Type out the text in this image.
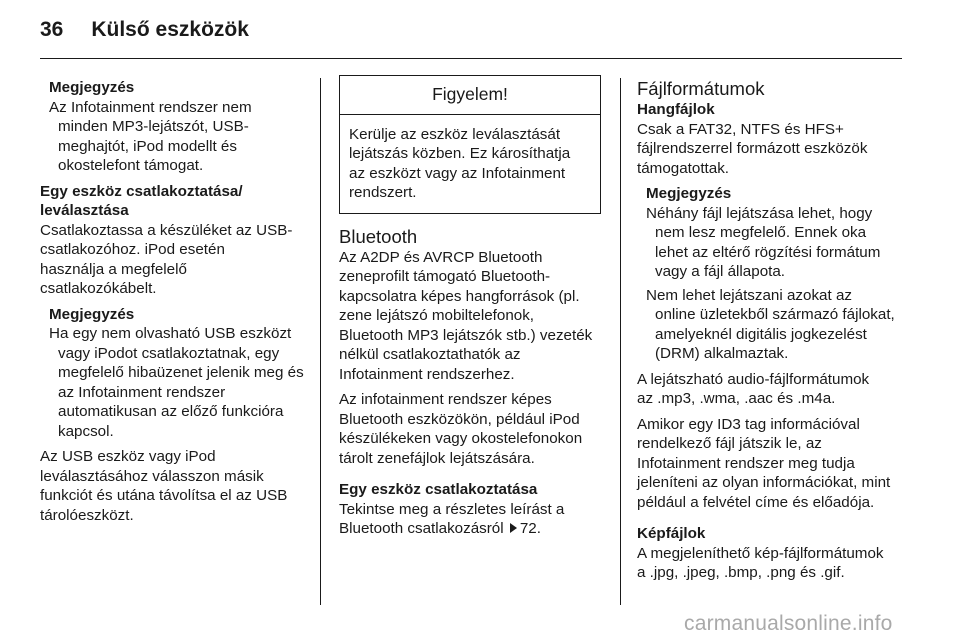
36 Külső eszközök

Megjegyzés

Az Infotainment rendszer nem

minden MP3-lejátszót, USB-

meghajtót, iPod modellt és

okostelefont támogat.

Egy eszköz csatlakoztatása/

leválasztása

Csatlakoztassa a készüléket az USB-

csatlakozóhoz. iPod esetén

használja a megfelelő

csatlakozókábelt.

Megjegyzés

Ha egy nem olvasható USB eszközt

vagy iPodot csatlakoztatnak, egy

megfelelő hibaüzenet jelenik meg és

az Infotainment rendszer

automatikusan az előző funkcióra

kapcsol.

Az USB eszköz vagy iPod

leválasztásához válasszon másik

funkciót és utána távolítsa el az USB

tárolóeszközt.

Figyelem!

Kerülje az eszköz leválasztását

lejátszás közben. Ez károsíthatja

az eszközt vagy az Infotainment

rendszert.

Bluetooth

Az A2DP és AVRCP Bluetooth

zeneprofilt támogató Bluetooth-

kapcsolatra képes hangforrások (pl.

zene lejátszó mobiltelefonok,

Bluetooth MP3 lejátszók stb.) vezeték

nélkül csatlakoztathatók az

Infotainment rendszerhez.

Az infotainment rendszer képes

Bluetooth eszközökön, például iPod

készülékeken vagy okostelefonokon

tárolt zenefájlok lejátszására.

Egy eszköz csatlakoztatása

Tekintse meg a részletes leírást a

Bluetooth csatlakozásról 72.

Fájlformátumok

Hangfájlok

Csak a FAT32, NTFS és HFS+

fájlrendszerrel formázott eszközök

támogatottak.

Megjegyzés

Néhány fájl lejátszása lehet, hogy

nem lesz megfelelő. Ennek oka

lehet az eltérő rögzítési formátum

vagy a fájl állapota.

Nem lehet lejátszani azokat az

online üzletekből származó fájlokat,

amelyeknél digitális jogkezelést

(DRM) alkalmaztak.

A lejátszható audio-fájlformátumok

az .mp3, .wma, .aac és .m4a.

Amikor egy ID3 tag információval

rendelkező fájl játszik le, az

Infotainment rendszer meg tudja

jeleníteni az olyan információkat, mint

például a felvétel címe és előadója.

Képfájlok

A megjeleníthető kép-fájlformátumok

a .jpg, .jpeg, .bmp, .png és .gif.

carmanualsonline.info
